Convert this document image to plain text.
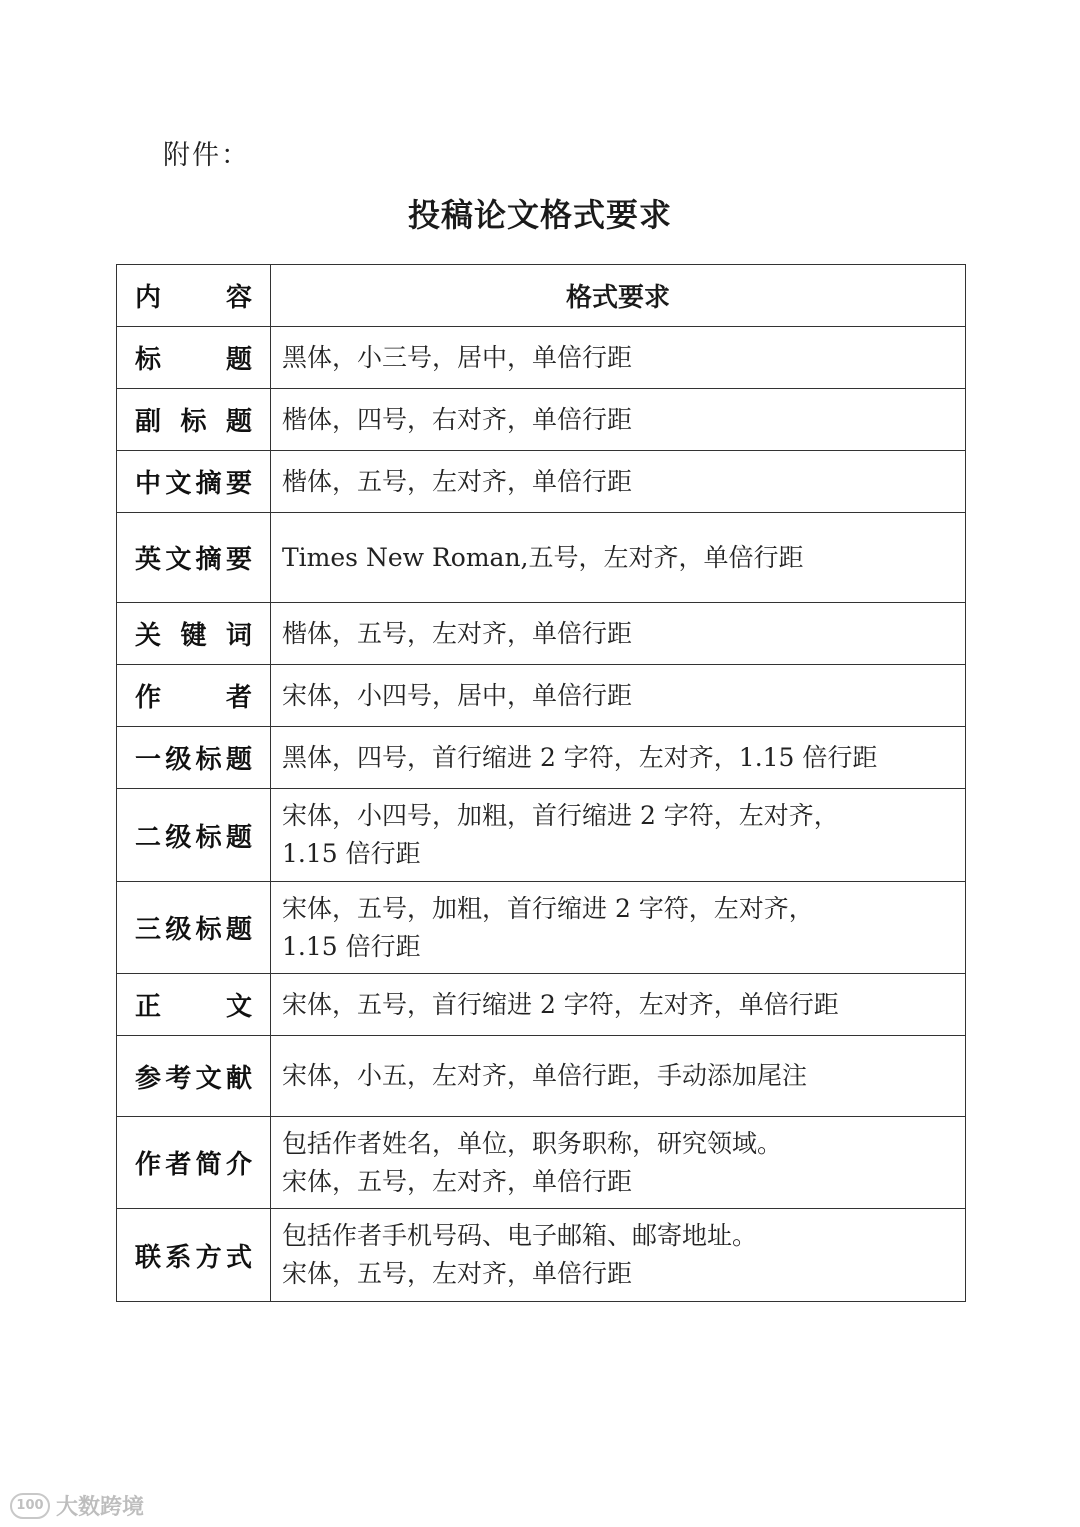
附件：
投稿论文格式要求
内 容	格式要求
标 题	黑体，小三号，居中，单倍行距

副标题	楷体，四号，右对齐，单倍行距

中文摘要	楷体，五号，左对齐，单倍行距

英文摘要	Times New Roman,五号，左对齐，单倍行距

关键词	楷体，五号，左对齐，单倍行距

作 者	宋体，小四号，居中，单倍行距

一级标题	黑体，四号，首行缩进 2 字符，左对齐，1.15 倍行距

二级标题	宋体，小四号，加粗，首行缩进 2 字符，左对齐，
1.15 倍行距

三级标题	宋体，五号，加粗，首行缩进 2 字符，左对齐，
1.15 倍行距

正 文	宋体，五号，首行缩进 2 字符，左对齐，单倍行距

参考文献	宋体，小五，左对齐，单倍行距，手动添加尾注

作者简介	包括作者姓名，单位，职务职称，研究领域。
宋体，五号，左对齐，单倍行距

联系方式	包括作者手机号码、电子邮箱、邮寄地址。
宋体，五号，左对齐，单倍行距
100 大数跨境
